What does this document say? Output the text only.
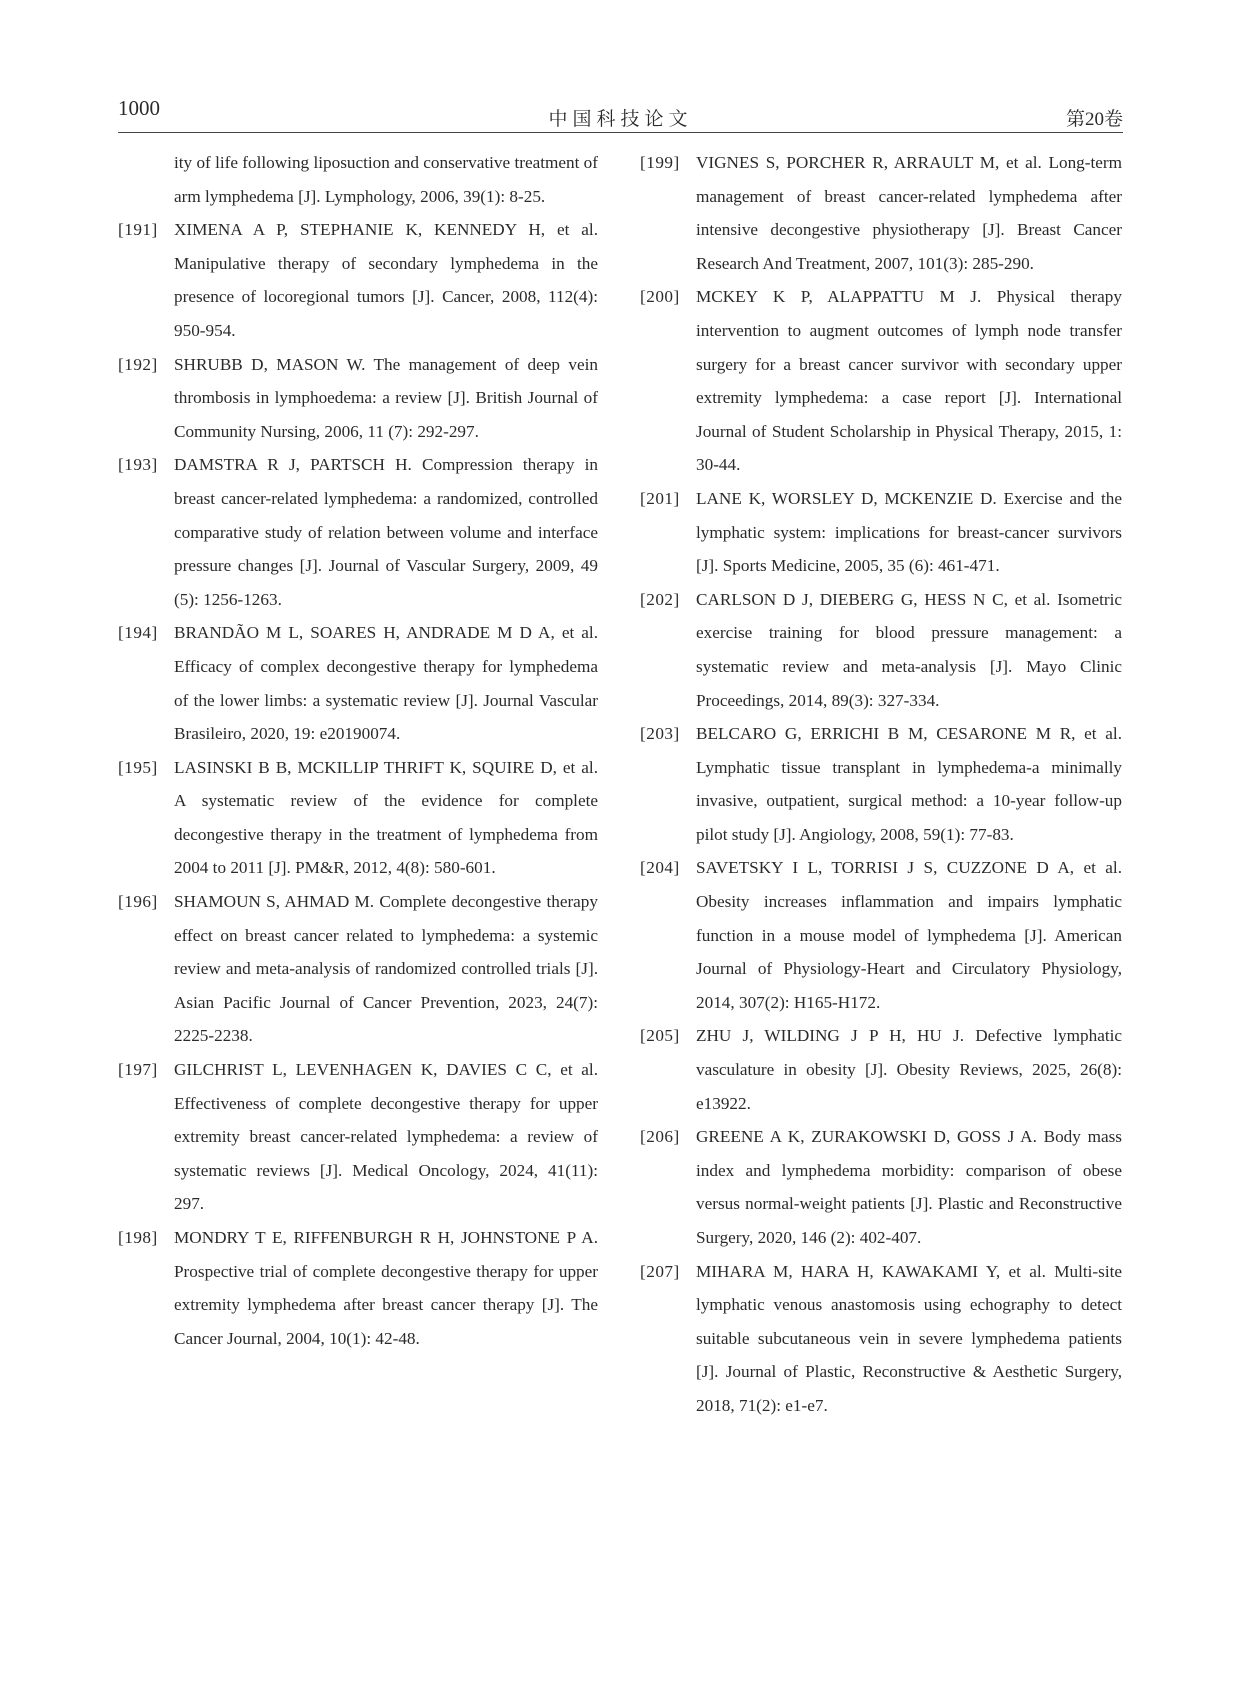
1000	中国科技论文	第20卷
ity of life following liposuction and conservative treatment of arm lymphedema [J]. Lymphology, 2006, 39(1): 8-25.
[191] XIMENA A P, STEPHANIE K, KENNEDY H, et al. Manipulative therapy of secondary lymphedema in the presence of locoregional tumors [J]. Cancer, 2008, 112(4): 950-954.
[192] SHRUBB D, MASON W. The management of deep vein thrombosis in lymphoedema: a review [J]. British Journal of Community Nursing, 2006, 11 (7): 292-297.
[193] DAMSTRA R J, PARTSCH H. Compression therapy in breast cancer-related lymphedema: a randomized, controlled comparative study of relation between volume and interface pressure changes [J]. Journal of Vascular Surgery, 2009, 49 (5): 1256-1263.
[194] BRANDÃO M L, SOARES H, ANDRADE M D A, et al. Efficacy of complex decongestive therapy for lymphedema of the lower limbs: a systematic review [J]. Journal Vascular Brasileiro, 2020, 19: e20190074.
[195] LASINSKI B B, MCKILLIP THRIFT K, SQUIRE D, et al. A systematic review of the evidence for complete decongestive therapy in the treatment of lymphedema from 2004 to 2011 [J]. PM&R, 2012, 4(8): 580-601.
[196] SHAMOUN S, AHMAD M. Complete decongestive therapy effect on breast cancer related to lymphedema: a systemic review and meta-analysis of randomized controlled trials [J]. Asian Pacific Journal of Cancer Prevention, 2023, 24(7): 2225-2238.
[197] GILCHRIST L, LEVENHAGEN K, DAVIES C C, et al. Effectiveness of complete decongestive therapy for upper extremity breast cancer-related lymphedema: a review of systematic reviews [J]. Medical Oncology, 2024, 41(11): 297.
[198] MONDRY T E, RIFFENBURGH R H, JOHNSTONE P A. Prospective trial of complete decongestive therapy for upper extremity lymphedema after breast cancer therapy [J]. The Cancer Journal, 2004, 10(1): 42-48.
[199] VIGNES S, PORCHER R, ARRAULT M, et al. Long-term management of breast cancer-related lymphedema after intensive decongestive physiotherapy [J]. Breast Cancer Research And Treatment, 2007, 101(3): 285-290.
[200] MCKEY K P, ALAPPATTU M J. Physical therapy intervention to augment outcomes of lymph node transfer surgery for a breast cancer survivor with secondary upper extremity lymphedema: a case report [J]. International Journal of Student Scholarship in Physical Therapy, 2015, 1: 30-44.
[201] LANE K, WORSLEY D, MCKENZIE D. Exercise and the lymphatic system: implications for breast-cancer survivors [J]. Sports Medicine, 2005, 35 (6): 461-471.
[202] CARLSON D J, DIEBERG G, HESS N C, et al. Isometric exercise training for blood pressure management: a systematic review and meta-analysis [J]. Mayo Clinic Proceedings, 2014, 89(3): 327-334.
[203] BELCARO G, ERRICHI B M, CESARONE M R, et al. Lymphatic tissue transplant in lymphedema-a minimally invasive, outpatient, surgical method: a 10-year follow-up pilot study [J]. Angiology, 2008, 59(1): 77-83.
[204] SAVETSKY I L, TORRISI J S, CUZZONE D A, et al. Obesity increases inflammation and impairs lymphatic function in a mouse model of lymphedema [J]. American Journal of Physiology-Heart and Circulatory Physiology, 2014, 307(2): H165-H172.
[205] ZHU J, WILDING J P H, HU J. Defective lymphatic vasculature in obesity [J]. Obesity Reviews, 2025, 26(8): e13922.
[206] GREENE A K, ZURAKOWSKI D, GOSS J A. Body mass index and lymphedema morbidity: comparison of obese versus normal-weight patients [J]. Plastic and Reconstructive Surgery, 2020, 146 (2): 402-407.
[207] MIHARA M, HARA H, KAWAKAMI Y, et al. Multi-site lymphatic venous anastomosis using echography to detect suitable subcutaneous vein in severe lymphedema patients [J]. Journal of Plastic, Reconstructive & Aesthetic Surgery, 2018, 71(2): e1-e7.
